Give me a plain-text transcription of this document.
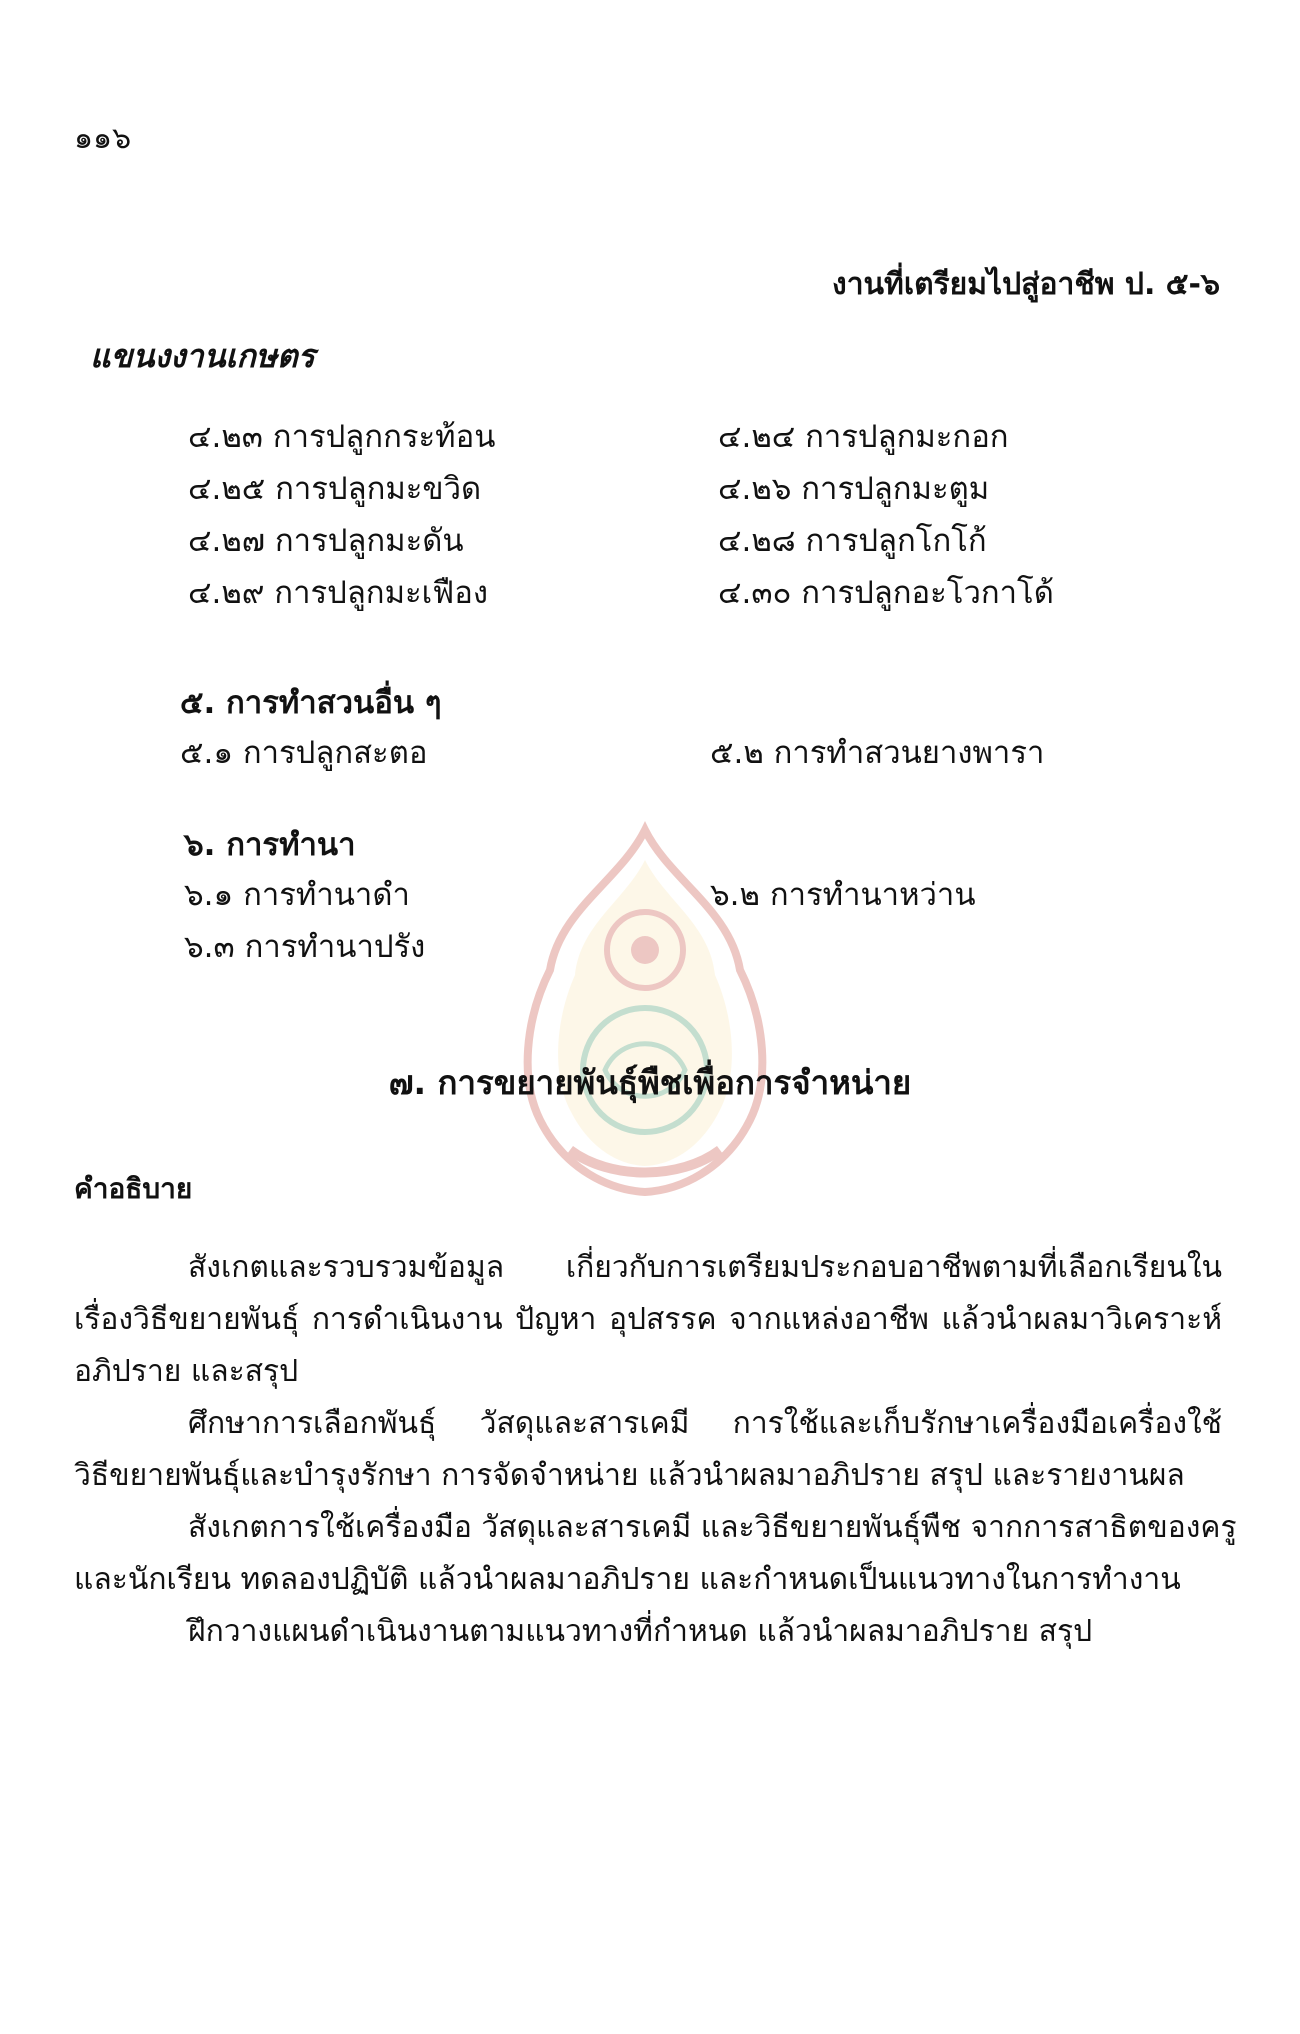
๑๑๖
งานที่เตรียมไปสู่อาชีพ ป. ๕-๖
แขนงงานเกษตร
๔.๒๓ การปลูกกระท้อน	๔.๒๔ การปลูกมะกอก
๔.๒๕ การปลูกมะขวิด	๔.๒๖ การปลูกมะตูม
๔.๒๗ การปลูกมะดัน	๔.๒๘ การปลูกโกโก้
๔.๒๙ การปลูกมะเฟือง	๔.๓๐ การปลูกอะโวกาโด้
๕. การทำสวนอื่น ๆ
๕.๑ การปลูกสะตอ	๕.๒ การทำสวนยางพารา
๖. การทำนา
๖.๑ การทำนาดำ	๖.๒ การทำนาหว่าน
๖.๓ การทำนาปรัง
๗. การขยายพันธุ์พืชเพื่อการจำหน่าย
คำอธิบาย
สังเกตและรวบรวมข้อมูล เกี่ยวกับการเตรียมประกอบอาชีพตามที่เลือกเรียนใน
เรื่องวิธีขยายพันธุ์ การดำเนินงาน ปัญหา อุปสรรค จากแหล่งอาชีพ แล้วนำผลมาวิเคราะห์
อภิปราย และสรุป
ศึกษาการเลือกพันธุ์ วัสดุและสารเคมี การใช้และเก็บรักษาเครื่องมือเครื่องใช้
วิธีขยายพันธุ์และบำรุงรักษา การจัดจำหน่าย แล้วนำผลมาอภิปราย สรุป และรายงานผล
สังเกตการใช้เครื่องมือ วัสดุและสารเคมี และวิธีขยายพันธุ์พืช จากการสาธิตของครู
และนักเรียน ทดลองปฏิบัติ แล้วนำผลมาอภิปราย และกำหนดเป็นแนวทางในการทำงาน
ฝึกวางแผนดำเนินงานตามแนวทางที่กำหนด แล้วนำผลมาอภิปราย สรุป
